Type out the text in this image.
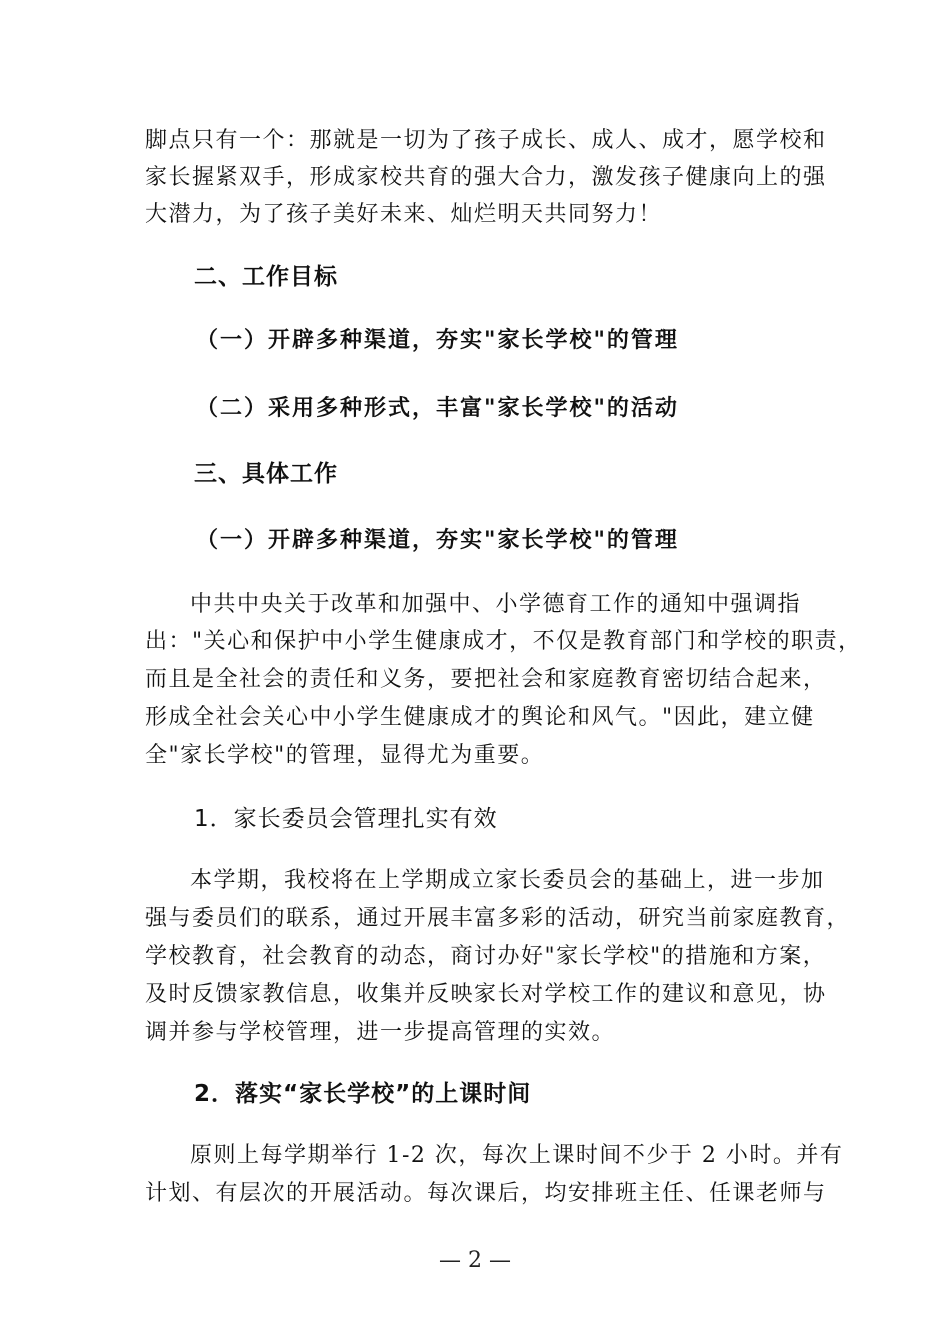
脚点只有一个：那就是一切为了孩子成长、成人、成才，愿学校和
家长握紧双手，形成家校共育的强大合力，激发孩子健康向上的强
大潜力，为了孩子美好未来、灿烂明天共同努力！
二、工作目标
（一）开辟多种渠道，夯实"家长学校"的管理
（二）采用多种形式，丰富"家长学校"的活动
三、具体工作
（一）开辟多种渠道，夯实"家长学校"的管理
中共中央关于改革和加强中、小学德育工作的通知中强调指
出："关心和保护中小学生健康成才，不仅是教育部门和学校的职责，
而且是全社会的责任和义务，要把社会和家庭教育密切结合起来，
形成全社会关心中小学生健康成才的舆论和风气。"因此，建立健
全"家长学校"的管理，显得尤为重要。
1．家长委员会管理扎实有效
本学期，我校将在上学期成立家长委员会的基础上，进一步加
强与委员们的联系，通过开展丰富多彩的活动，研究当前家庭教育，
学校教育，社会教育的动态，商讨办好"家长学校"的措施和方案，
及时反馈家教信息，收集并反映家长对学校工作的建议和意见，协
调并参与学校管理，进一步提高管理的实效。
2．落实“家长学校”的上课时间
原则上每学期举行 1-2 次，每次上课时间不少于 2 小时。并有
计划、有层次的开展活动。每次课后，均安排班主任、任课老师与
— 2 —
